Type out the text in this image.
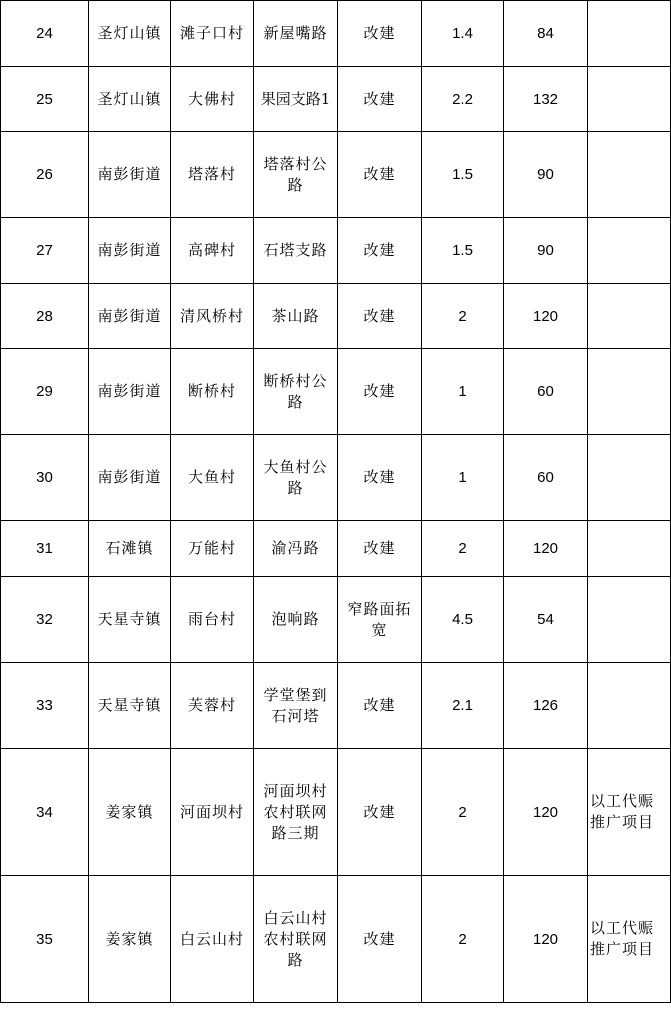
24	圣灯山镇	滩子口村	新屋嘴路	改建	1.4	84	
25	圣灯山镇	大佛村	果园支路1	改建	2.2	132	
26	南彭街道	塔落村	塔落村公路	改建	1.5	90	
27	南彭街道	高碑村	石塔支路	改建	1.5	90	
28	南彭街道	清风桥村	茶山路	改建	2	120	
29	南彭街道	断桥村	断桥村公路	改建	1	60	
30	南彭街道	大鱼村	大鱼村公路	改建	1	60	
31	石滩镇	万能村	渝冯路	改建	2	120	
32	天星寺镇	雨台村	泡响路	窄路面拓宽	4.5	54	
33	天星寺镇	芙蓉村	学堂堡到石河塔	改建	2.1	126	
34	姜家镇	河面坝村	河面坝村农村联网路三期	改建	2	120	以工代赈推广项目
35	姜家镇	白云山村	白云山村农村联网路	改建	2	120	以工代赈推广项目
